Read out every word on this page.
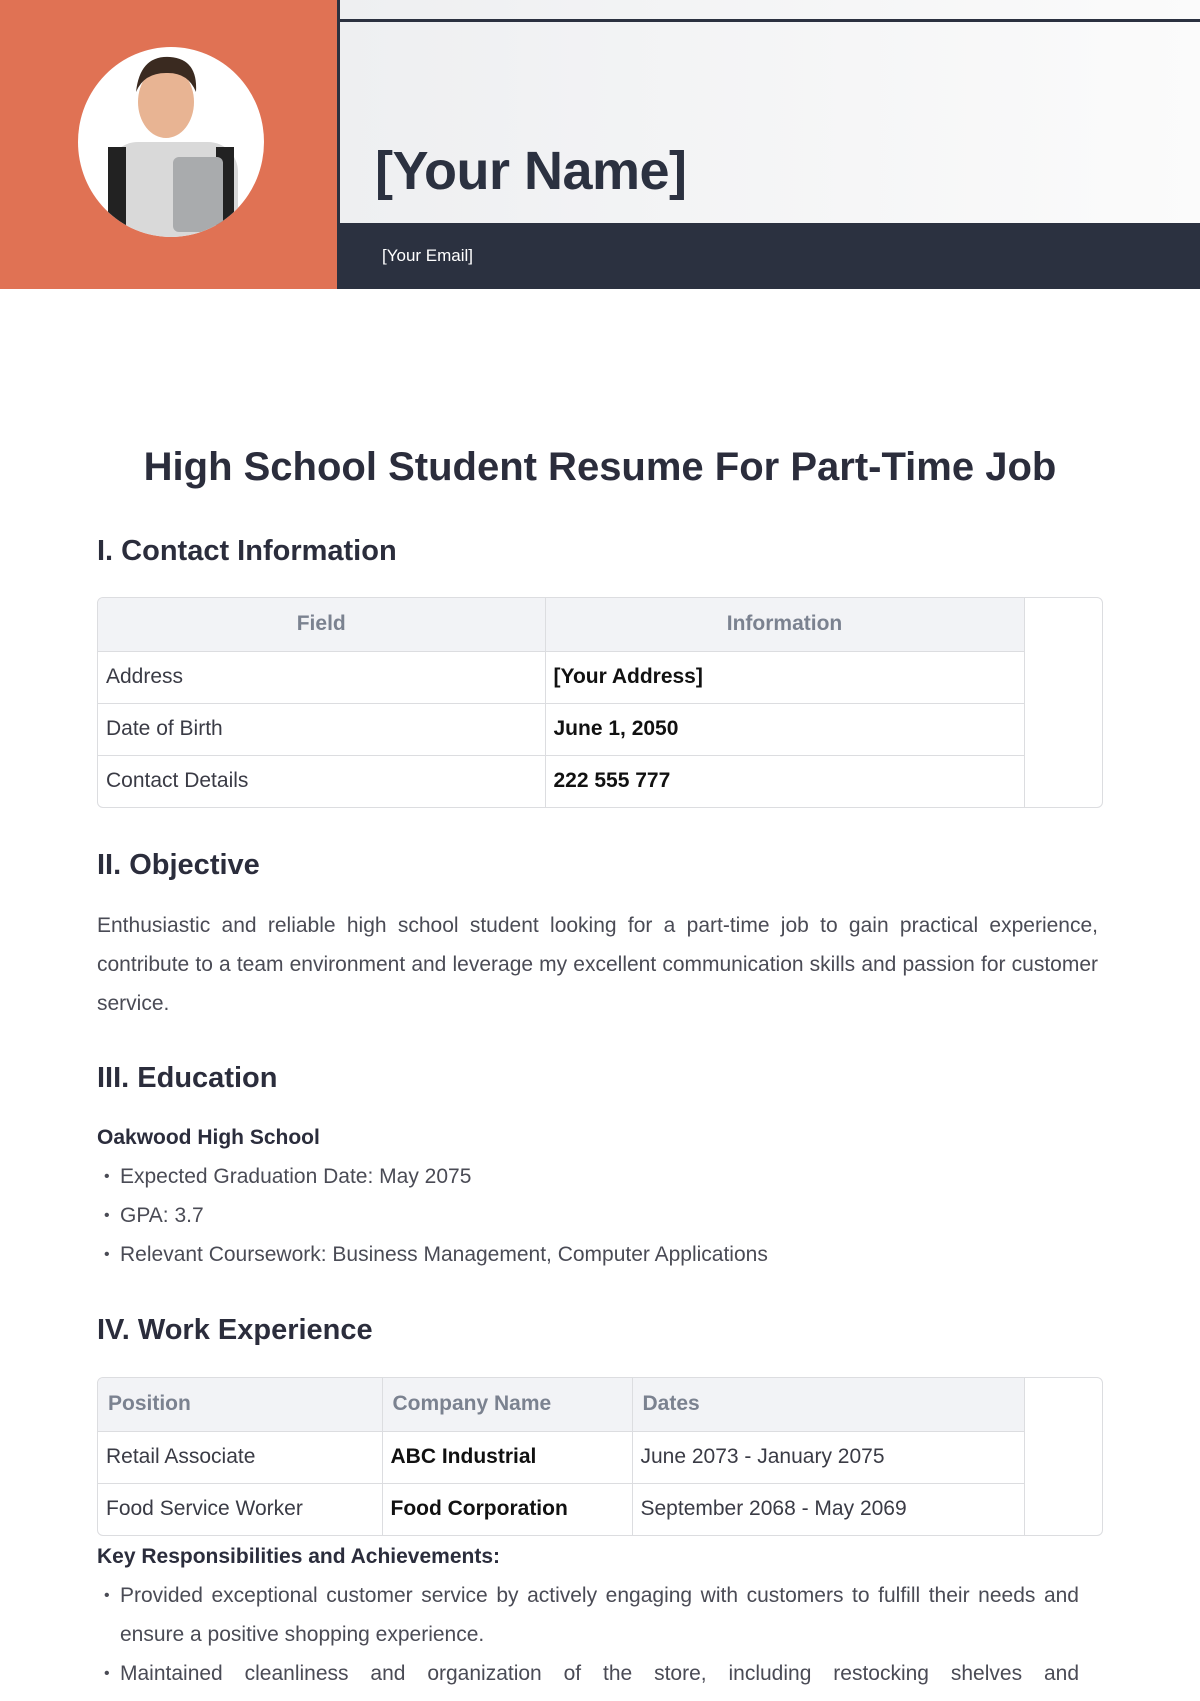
[Your Name]
[Your Email]
High School Student Resume For Part-Time Job
I. Contact Information
Field	Information
Address	[Your Address]
Date of Birth	June 1, 2050
Contact Details	222 555 777
II. Objective

Enthusiastic and reliable high school student looking for a part-time job to gain practical experience, contribute to a team environment and leverage my excellent communication skills and passion for customer service.

III. Education
Oakwood High School
• Expected Graduation Date: May 2075
• GPA: 3.7
• Relevant Coursework: Business Management, Computer Applications
IV. Work Experience
Position	Company Name	Dates
Retail Associate	ABC Industrial	June 2073 - January 2075
Food Service Worker	Food Corporation	September 2068 - May 2069
Key Responsibilities and Achievements:
• Provided exceptional customer service by actively engaging with customers to fulfill their needs and ensure a positive shopping experience.
• Maintained cleanliness and organization of the store, including restocking shelves and
